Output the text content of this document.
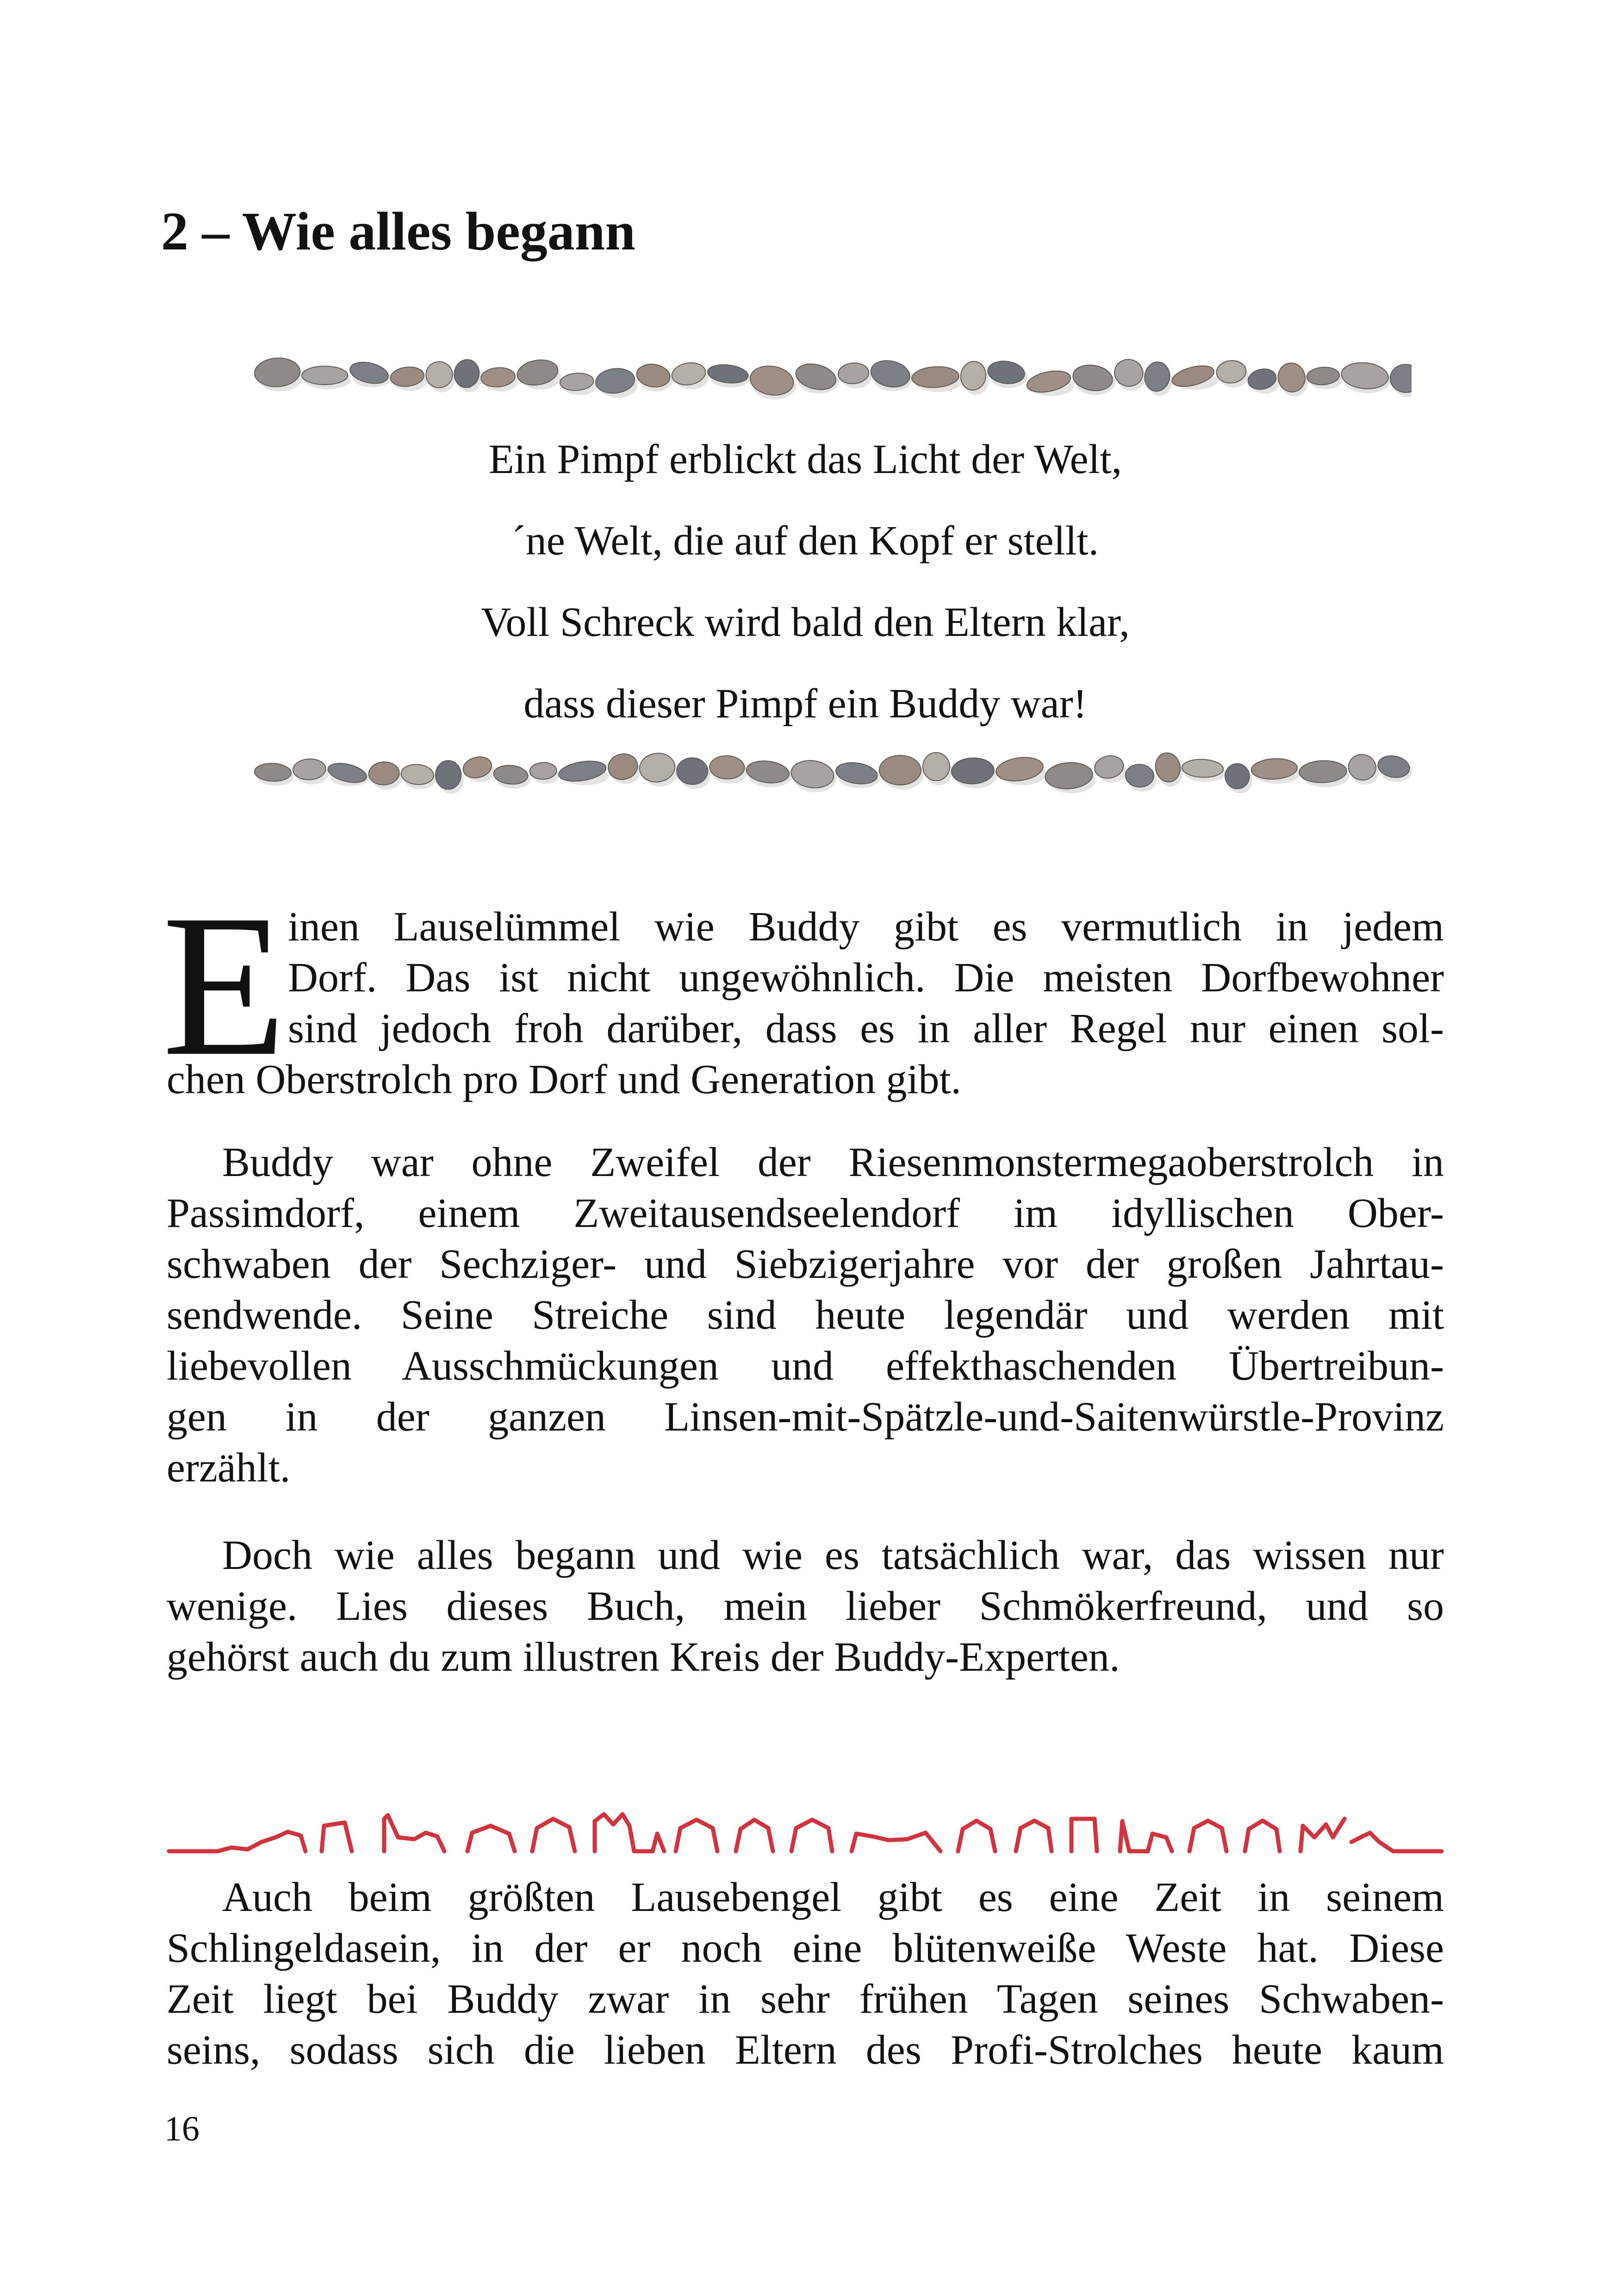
2 – Wie alles begann
Ein Pimpf erblickt das Licht der Welt,
´ne Welt, die auf den Kopf er stellt.
Voll Schreck wird bald den Eltern klar,
dass dieser Pimpf ein Buddy war!
E inen Lauselümmel wie Buddy gibt es vermutlich in jedem
Dorf. Das ist nicht ungewöhnlich. Die meisten Dorfbewohner
sind jedoch froh darüber, dass es in aller Regel nur einen sol-
chen Oberstrolch pro Dorf und Generation gibt.
Buddy war ohne Zweifel der Riesenmonstermegaoberstrolch in
Passimdorf, einem Zweitausendseelendorf im idyllischen Ober-
schwaben der Sechziger- und Siebzigerjahre vor der großen Jahrtau-
sendwende. Seine Streiche sind heute legendär und werden mit
liebevollen Ausschmückungen und effekthaschenden Übertreibun-
gen in der ganzen Linsen-mit-Spätzle-und-Saitenwürstle-Provinz
erzählt.
Doch wie alles begann und wie es tatsächlich war, das wissen nur
wenige. Lies dieses Buch, mein lieber Schmökerfreund, und so
gehörst auch du zum illustren Kreis der Buddy-Experten.
Auch beim größten Lausebengel gibt es eine Zeit in seinem
Schlingeldasein, in der er noch eine blütenweiße Weste hat. Diese
Zeit liegt bei Buddy zwar in sehr frühen Tagen seines Schwaben-
seins, sodass sich die lieben Eltern des Profi-Strolches heute kaum
16
